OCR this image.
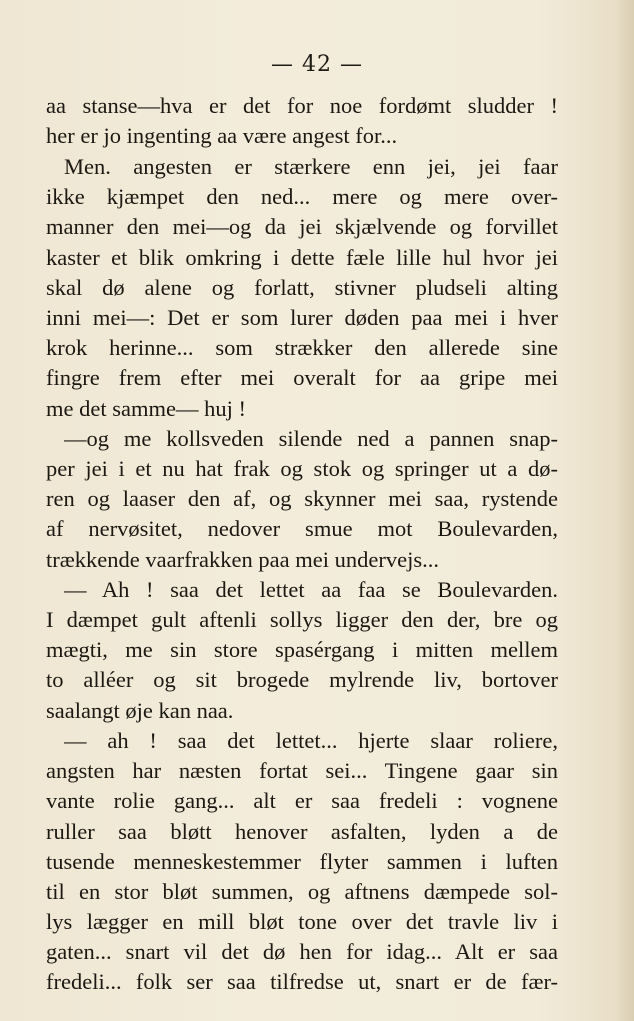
— 42 —
aa stanse—hva er det for noe fordømt sludder !
her er jo ingenting aa være angest for...
Men. angesten er stærkere enn jei, jei faar
ikke kjæmpet den ned... mere og mere over-
manner den mei—og da jei skjælvende og forvillet
kaster et blik omkring i dette fæle lille hul hvor jei
skal dø alene og forlatt, stivner pludseli alting
inni mei—: Det er som lurer døden paa mei i hver
krok herinne... som strækker den allerede sine
fingre frem efter mei overalt for aa gripe mei
me det samme— huj !
—og me kollsveden silende ned a pannen snap-
per jei i et nu hat frak og stok og springer ut a dø-
ren og laaser den af, og skynner mei saa, rystende
af nervøsitet, nedover smue mot Boulevarden,
trækkende vaarfrakken paa mei undervejs...
— Ah ! saa det lettet aa faa se Boulevarden.
I dæmpet gult aftenli sollys ligger den der, bre og
mægti, me sin store spasérgang i mitten mellem
to alléer og sit brogede mylrende liv, bortover
saalangt øje kan naa.
— ah ! saa det lettet... hjerte slaar roliere,
angsten har næsten fortat sei... Tingene gaar sin
vante rolie gang... alt er saa fredeli : vognene
ruller saa bløtt henover asfalten, lyden a de
tusende menneskestemmer flyter sammen i luften
til en stor bløt summen, og aftnens dæmpede sol-
lys lægger en mill bløt tone over det travle liv i
gaten... snart vil det dø hen for idag... Alt er saa
fredeli... folk ser saa tilfredse ut, snart er de fær-
